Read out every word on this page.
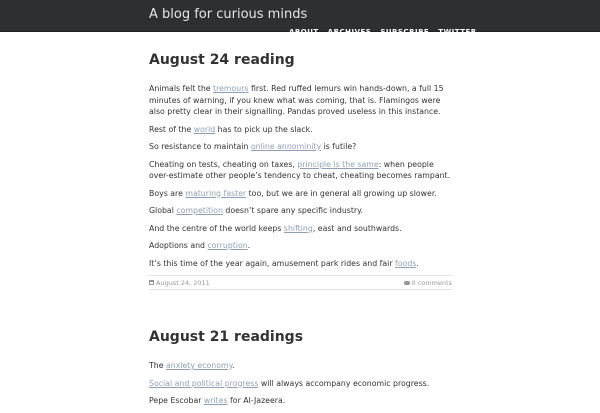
A blog for curious minds
ABOUT ARCHIVES SUBSCRIBE TWITTER
August 24 reading

Animals felt the tremours first. Red ruffed lemurs win hands-down, a full 15 minutes of warning, if you knew what was coming, that is. Flamingos were also pretty clear in their signalling. Pandas proved useless in this instance.

Rest of the world has to pick up the slack.

So resistance to maintain online annominity is futile?

Cheating on tests, cheating on taxes, principle is the same: when people over-estimate other people’s tendency to cheat, cheating becomes rampant.

Boys are maturing faster too, but we are in general all growing up slower.

Global competition doesn’t spare any specific industry.

And the centre of the world keeps shifting, east and southwards.

Adoptions and corruption.

It’s this time of the year again, amusement park rides and fair foods.

August 24, 2011	0 comments
August 21 readings

The anxiety economy.

Social and political progress will always accompany economic progress.

Pepe Escobar writes for Al-Jazeera.
